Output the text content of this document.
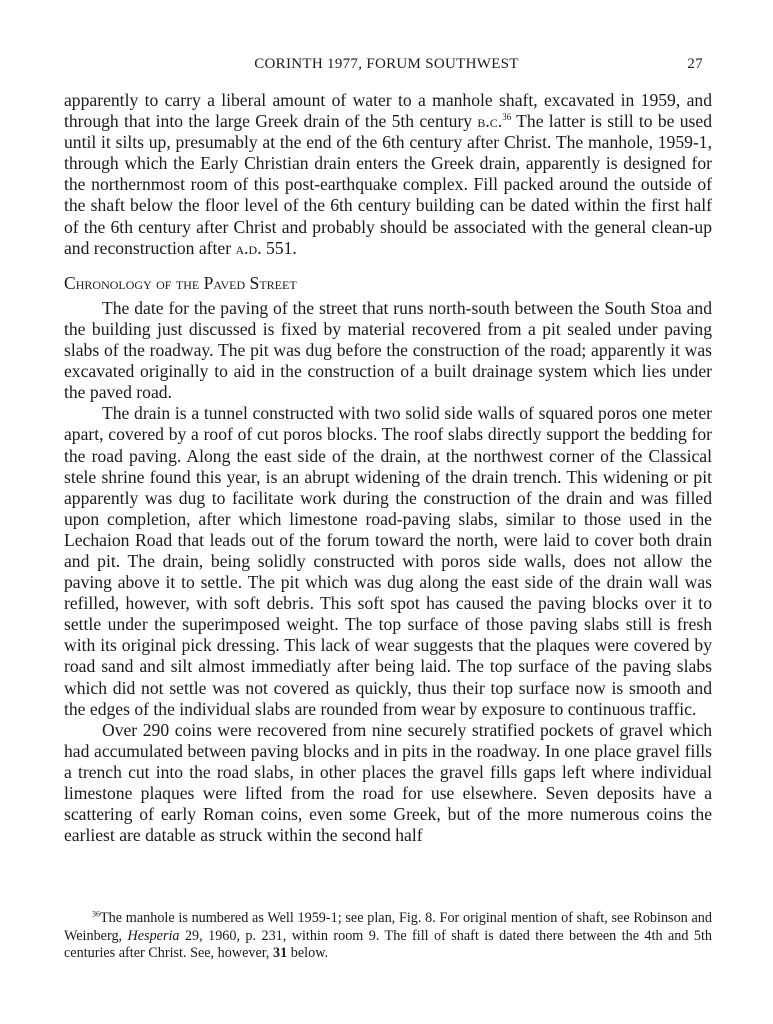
CORINTH 1977, FORUM SOUTHWEST	27

apparently to carry a liberal amount of water to a manhole shaft, excavated in 1959, and through that into the large Greek drain of the 5th century b.c.$^{36}$ The latter is still to be used until it silts up, presumably at the end of the 6th century after Christ. The manhole, 1959-1, through which the Early Christian drain enters the Greek drain, apparently is designed for the northernmost room of this post-earthquake complex. Fill packed around the outside of the shaft below the floor level of the 6th century building can be dated within the first half of the 6th century after Christ and probably should be associated with the general clean-up and reconstruction after a.d. 551.

Chronology of the Paved Street

The date for the paving of the street that runs north-south between the South Stoa and the building just discussed is fixed by material recovered from a pit sealed under paving slabs of the roadway. The pit was dug before the construction of the road; apparently it was excavated originally to aid in the construction of a built drainage system which lies under the paved road.

The drain is a tunnel constructed with two solid side walls of squared poros one meter apart, covered by a roof of cut poros blocks. The roof slabs directly support the bedding for the road paving. Along the east side of the drain, at the northwest corner of the Classical stele shrine found this year, is an abrupt widening of the drain trench. This widening or pit apparently was dug to facilitate work during the construction of the drain and was filled upon completion, after which limestone road-paving slabs, similar to those used in the Lechaion Road that leads out of the forum toward the north, were laid to cover both drain and pit. The drain, being solidly constructed with poros side walls, does not allow the paving above it to settle. The pit which was dug along the east side of the drain wall was refilled, however, with soft debris. This soft spot has caused the paving blocks over it to settle under the superimposed weight. The top surface of those paving slabs still is fresh with its original pick dressing. This lack of wear suggests that the plaques were covered by road sand and silt almost immediatly after being laid. The top surface of the paving slabs which did not settle was not covered as quickly, thus their top surface now is smooth and the edges of the individual slabs are rounded from wear by exposure to continuous traffic.

Over 290 coins were recovered from nine securely stratified pockets of gravel which had accumulated between paving blocks and in pits in the roadway. In one place gravel fills a trench cut into the road slabs, in other places the gravel fills gaps left where individual limestone plaques were lifted from the road for use elsewhere. Seven deposits have a scattering of early Roman coins, even some Greek, but of the more numerous coins the earliest are datable as struck within the second half

$^{36}$The manhole is numbered as Well 1959-1; see plan, Fig. 8. For original mention of shaft, see Robinson and Weinberg, Hesperia 29, 1960, p. 231, within room 9. The fill of shaft is dated there between the 4th and 5th centuries after Christ. See, however, 31 below.
